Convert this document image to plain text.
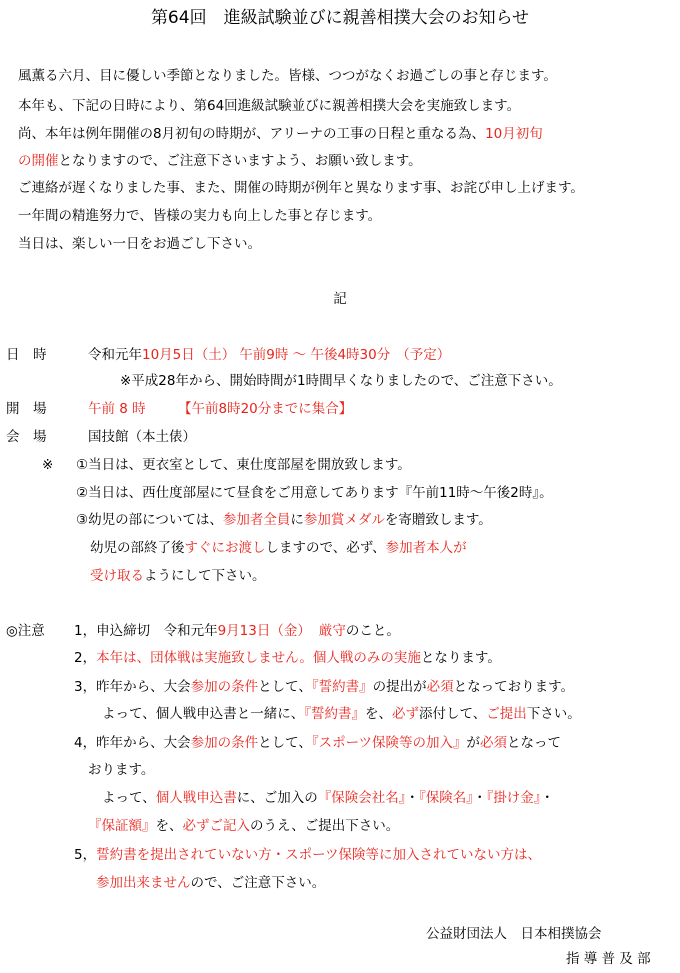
第64回　進級試験並びに親善相撲大会のお知らせ
風薫る六月、目に優しい季節となりました。皆様、つつがなくお過ごしの事と存じます。
本年も、下記の日時により、第64回進級試験並びに親善相撲大会を実施致します。
尚、本年は例年開催の8月初旬の時期が、アリーナの工事の日程と重なる為、10月初旬
の開催となりますので、ご注意下さいますよう、お願い致します。
ご連絡が遅くなりました事、また、開催の時期が例年と異なります事、お詫び申し上げます。
一年間の精進努力で、皆様の実力も向上した事と存じます。
当日は、楽しい一日をお過ごし下さい。
記
日　時	令和元年10月5日（土） 午前9時 ～ 午後4時30分 （予定）
※平成28年から、開始時間が1時間早くなりましたので、ご注意下さい。
開　場	午前 8 時 【午前8時20分までに集合】
会　場	国技館（本土俵）
※ ①当日は、更衣室として、東仕度部屋を開放致します。
②当日は、西仕度部屋にて昼食をご用意してあります『午前11時～午後2時』。
③幼児の部については、参加者全員に参加賞メダルを寄贈致します。
幼児の部終了後すぐにお渡ししますので、必ず、参加者本人が
受け取るようにして下さい。
◎注意 1，申込締切　令和元年9月13日（金） 厳守のこと。
2，本年は、団体戦は実施致しません。個人戦のみの実施となります。
3，昨年から、大会参加の条件として、『誓約書』の提出が必須となっております。
よって、個人戦申込書と一緒に、『誓約書』を、必ず添付して、ご提出下さい。
4，昨年から、大会参加の条件として、『スポーツ保険等の加入』が必須となって
おります。
よって、個人戦申込書に、ご加入の『保険会社名』・『保険名』・『掛け金』・
『保証額』を、必ずご記入のうえ、ご提出下さい。
5，誓約書を提出されていない方・スポーツ保険等に加入されていない方は、
参加出来ませんので、ご注意下さい。
公益財団法人　日本相撲協会
指 導 普 及 部
